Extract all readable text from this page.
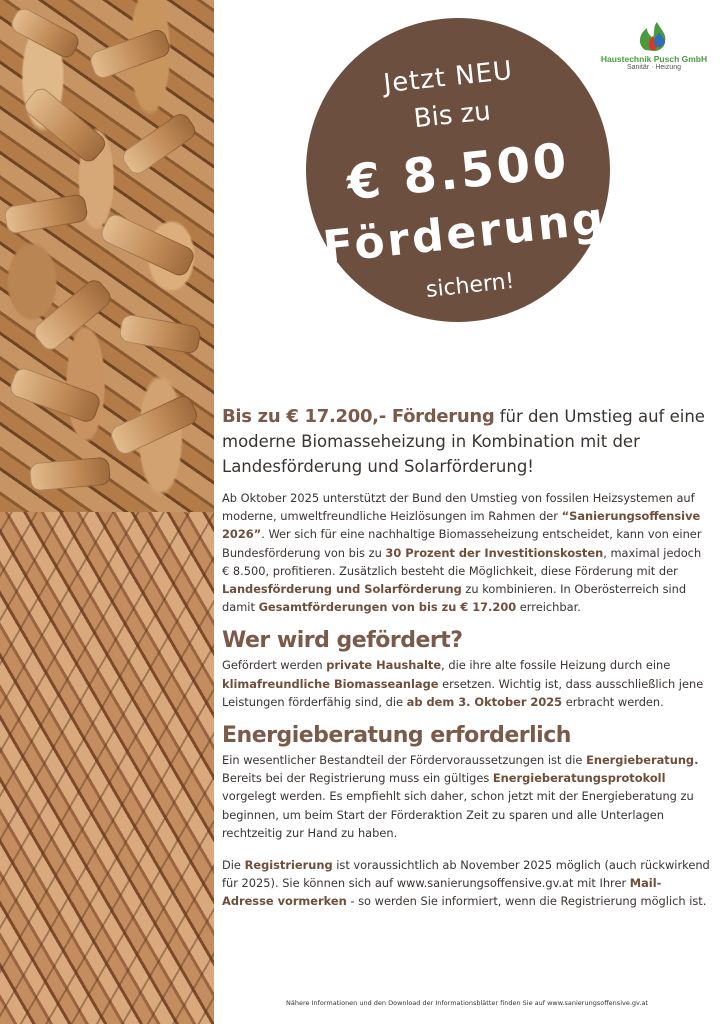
Haustechnik Pusch GmbH
Sanitär · Heizung
Jetzt NEU
Bis zu
€ 8.500
Förderung
sichern!
Bis zu € 17.200,- Förderung für den Umstieg auf eine moderne Biomasseheizung in Kombination mit der Landesförderung und Solarförderung!

Ab Oktober 2025 unterstützt der Bund den Umstieg von fossilen Heizsystemen auf moderne, umweltfreundliche Heizlösungen im Rahmen der “Sanierungsoffensive 2026”. Wer sich für eine nachhaltige Biomasseheizung entscheidet, kann von einer Bundesförderung von bis zu 30 Prozent der Investitionskosten, maximal jedoch € 8.500, profitieren. Zusätzlich besteht die Möglichkeit, diese Förderung mit der Landesförderung und Solarförderung zu kombinieren. In Oberösterreich sind damit Gesamtförderungen von bis zu € 17.200 erreichbar.

Wer wird gefördert?

Gefördert werden private Haushalte, die ihre alte fossile Heizung durch eine klimafreundliche Biomasseanlage ersetzen. Wichtig ist, dass ausschließlich jene Leistungen förderfähig sind, die ab dem 3. Oktober 2025 erbracht werden.

Energieberatung erforderlich

Ein wesentlicher Bestandteil der Fördervoraussetzungen ist die Energieberatung. Bereits bei der Registrierung muss ein gültiges Energieberatungsprotokoll vorgelegt werden. Es empfiehlt sich daher, schon jetzt mit der Energieberatung zu beginnen, um beim Start der Förderaktion Zeit zu sparen und alle Unterlagen rechtzeitig zur Hand zu haben.

Die Registrierung ist voraussichtlich ab November 2025 möglich (auch rückwirkend für 2025). Sie können sich auf www.sanierungsoffensive.gv.at mit Ihrer Mail-Adresse vormerken - so werden Sie informiert, wenn die Registrierung möglich ist.

Nähere Informationen und den Download der Informationsblätter finden Sie auf www.sanierungsoffensive.gv.at
